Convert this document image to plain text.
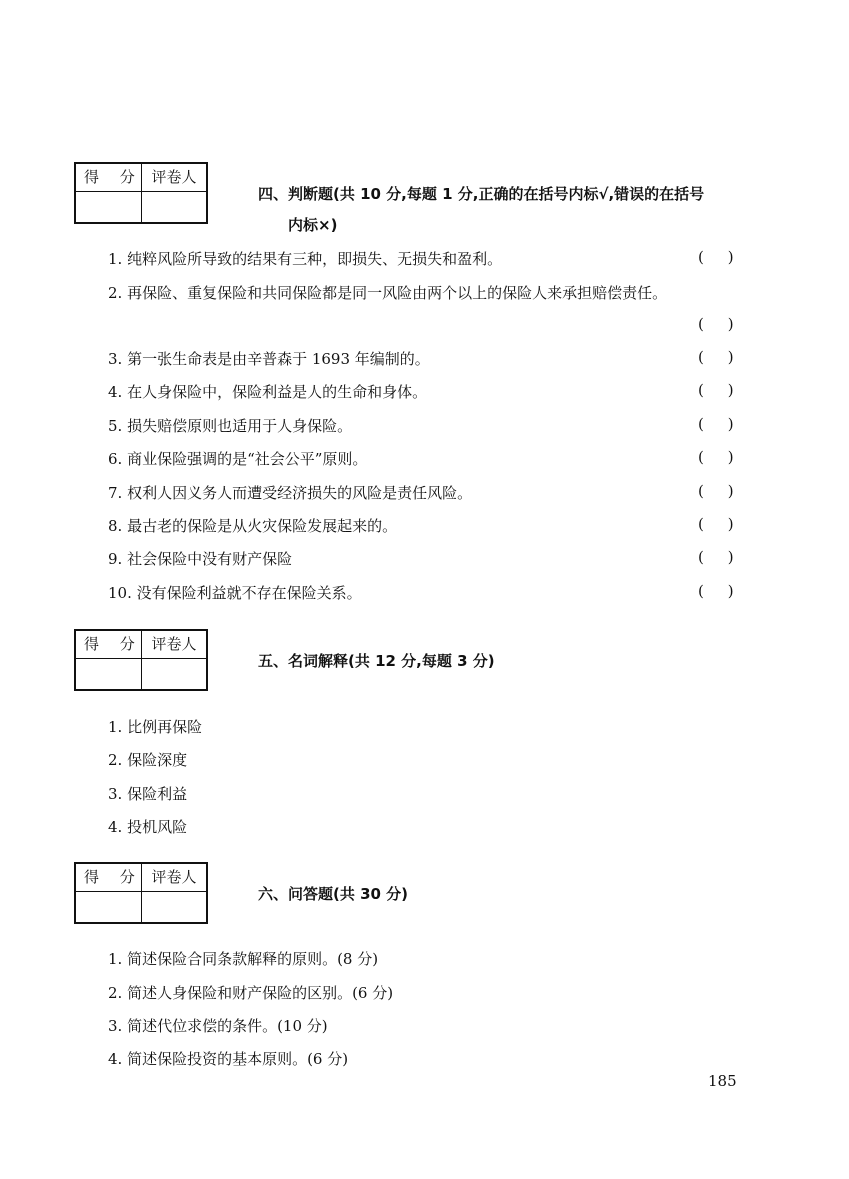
得 分 评卷人
四、判断题(共 10 分,每题 1 分,正确的在括号内标√,错误的在括号
内标×)
1. 纯粹风险所导致的结果有三种，即损失、无损失和盈利。	(     )
2. 再保险、重复保险和共同保险都是同一风险由两个以上的保险人来承担赔偿责任。
(     )
3. 第一张生命表是由辛普森于 1693 年编制的。	(     )
4. 在人身保险中，保险利益是人的生命和身体。	(     )
5. 损失赔偿原则也适用于人身保险。	(     )
6. 商业保险强调的是“社会公平”原则。	(     )
7. 权利人因义务人而遭受经济损失的风险是责任风险。	(     )
8. 最古老的保险是从火灾保险发展起来的。	(     )
9. 社会保险中没有财产保险	(     )
10. 没有保险利益就不存在保险关系。	(     )
得 分 评卷人
五、名词解释(共 12 分,每题 3 分)
1. 比例再保险
2. 保险深度
3. 保险利益
4. 投机风险
得 分 评卷人
六、问答题(共 30 分)
1. 简述保险合同条款解释的原则。(8 分)
2. 简述人身保险和财产保险的区别。(6 分)
3. 简述代位求偿的条件。(10 分)
4. 简述保险投资的基本原则。(6 分)
185
